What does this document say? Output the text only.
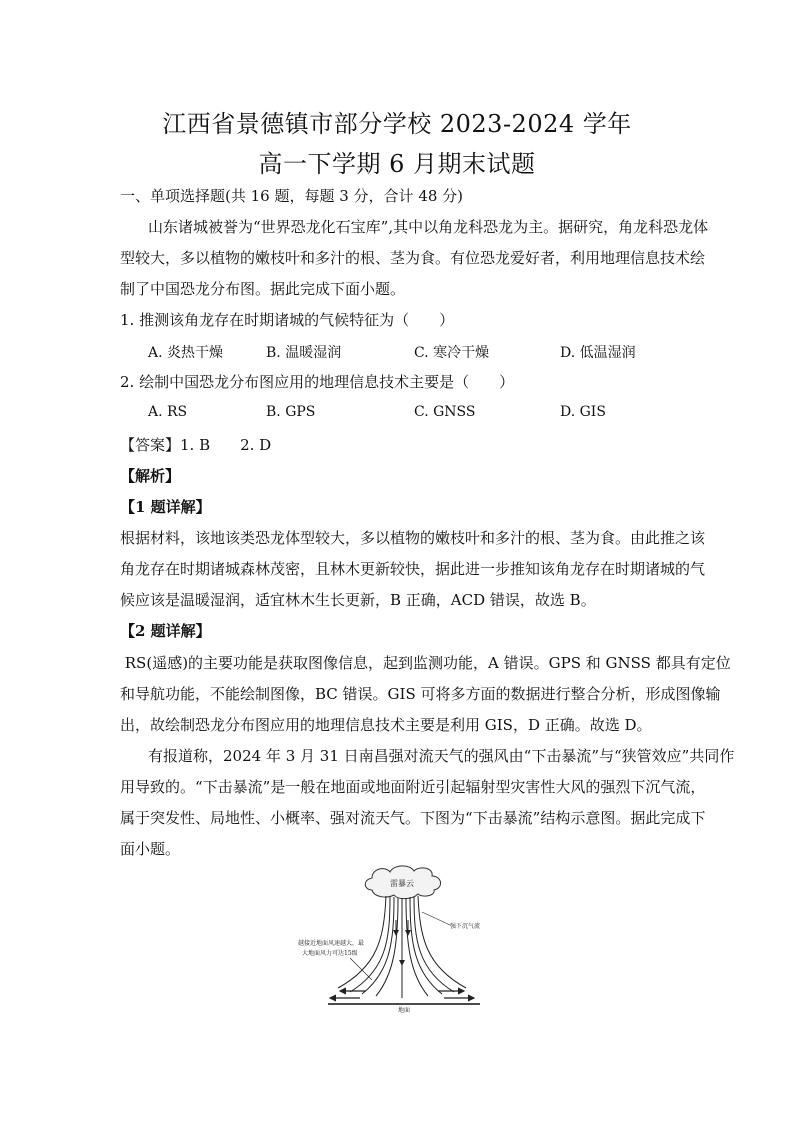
江西省景德镇市部分学校 2023-2024 学年
高一下学期 6 月期末试题

一、单项选择题(共 16 题，每题 3 分，合计 48 分)

山东诸城被誉为“世界恐龙化石宝库”,其中以角龙科恐龙为主。据研究，角龙科恐龙体

型较大，多以植物的嫩枝叶和多汁的根、茎为食。有位恐龙爱好者，利用地理信息技术绘

制了中国恐龙分布图。据此完成下面小题。

1. 推测该角龙存在时期诸城的气候特征为（　　）

A. 炎热干燥	B. 温暖湿润	C. 寒冷干燥	D. 低温湿润

2. 绘制中国恐龙分布图应用的地理信息技术主要是（　　）

A. RS	B. GPS	C. GNSS	D. GIS

【答案】1. B　　2. D

【解析】

【1 题详解】

根据材料，该地该类恐龙体型较大，多以植物的嫩枝叶和多汁的根、茎为食。由此推之该

角龙存在时期诸城森林茂密，且林木更新较快，据此进一步推知该角龙存在时期诸城的气

候应该是温暖湿润，适宜林木生长更新，B 正确，ACD 错误，故选 B。

【2 题详解】

RS(遥感)的主要功能是获取图像信息，起到监测功能，A 错误。GPS 和 GNSS 都具有定位

和导航功能，不能绘制图像，BC 错误。GIS 可将多方面的数据进行整合分析，形成图像输

出，故绘制恐龙分布图应用的地理信息技术主要是利用 GIS，D 正确。故选 D。

有报道称，2024 年 3 月 31 日南昌强对流天气的强风由“下击暴流”与“狭管效应”共同作

用导致的。“下击暴流”是一般在地面或地面附近引起辐射型灾害性大风的强烈下沉气流，

属于突发性、局地性、小概率、强对流天气。下图为“下击暴流”结构示意图。据此完成下

面小题。

雷暴云
地面
强下沉气流
越接近地面风速越大，最
大地面风力可达15级
